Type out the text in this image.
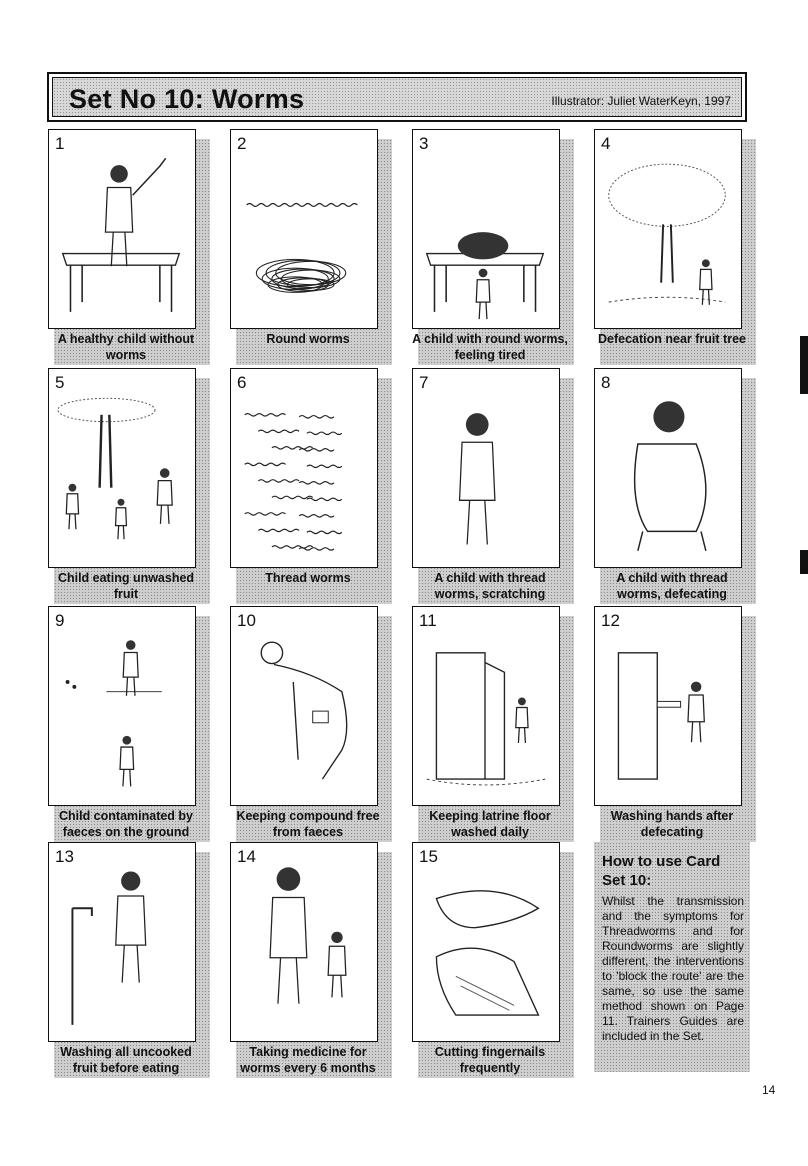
Set No 10: Worms	Illustrator: Juliet WaterKeyn, 1997
1
A healthy child without worms
2
Round worms
3
A child with round worms, feeling tired
4
Defecation near fruit tree
5
Child eating unwashed fruit
6
Thread worms
7
A child with thread worms, scratching
8
A child with thread worms, defecating
9
Child contaminated by faeces on the ground
10
Keeping compound free from faeces
11
Keeping latrine floor washed daily
12
Washing hands after defecating
13
Washing all uncooked fruit before eating
14
Taking medicine for worms every 6 months
15
Cutting fingernails frequently
How to use Card Set 10:
Whilst the transmission and the symptoms for Threadworms and for Roundworms are slightly different, the interventions to 'block the route' are the same, so use the same method shown on Page 11. Trainers Guides are included in the Set.
14
